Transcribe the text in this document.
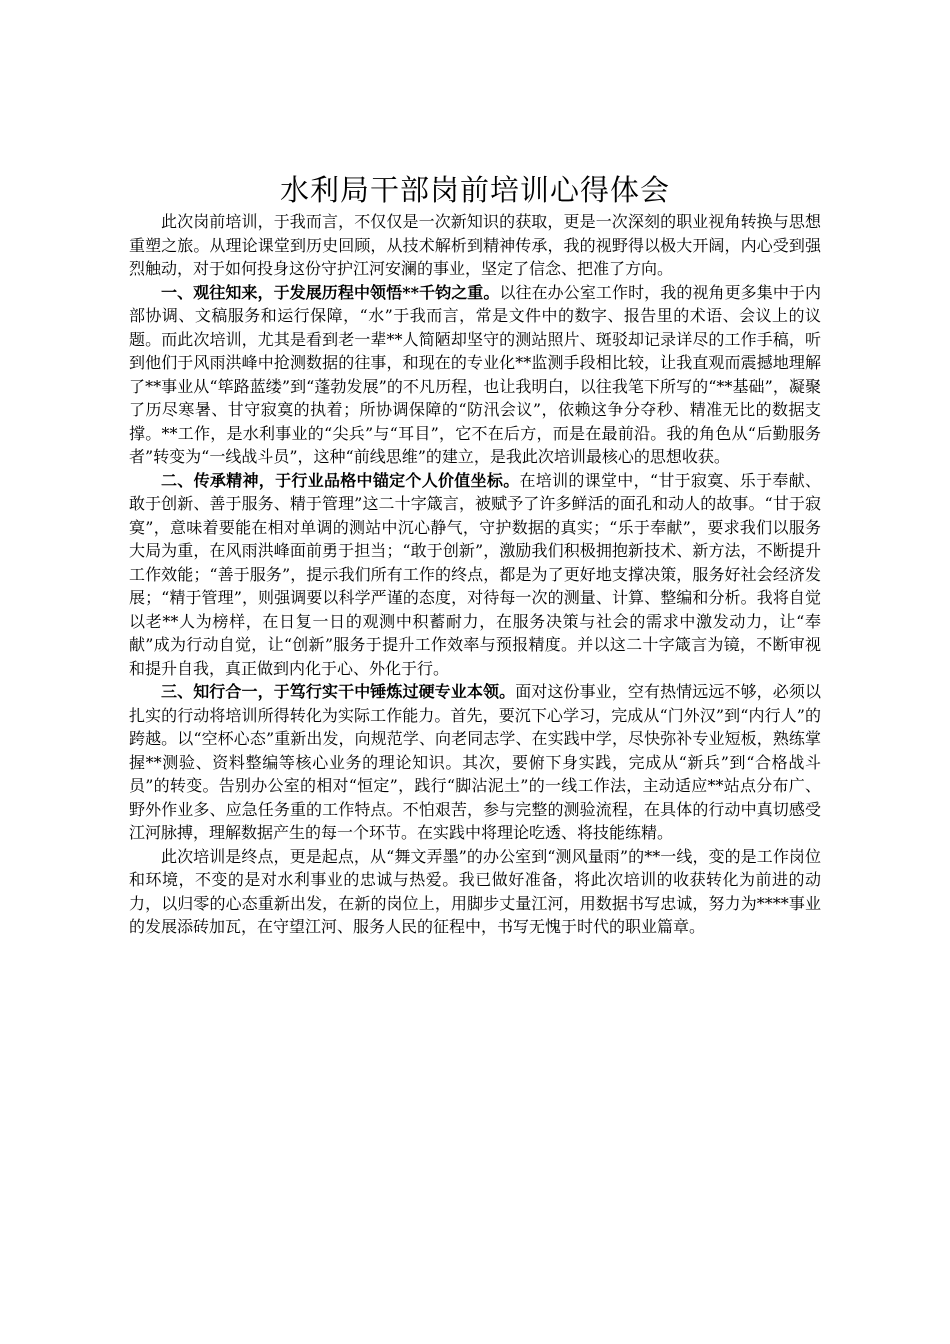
水利局干部岗前培训心得体会

此次岗前培训，于我而言，不仅仅是一次新知识的获取，更是一次深刻的职业视角转换与思想重塑之旅。从理论课堂到历史回顾，从技术解析到精神传承，我的视野得以极大开阔，内心受到强烈触动，对于如何投身这份守护江河安澜的事业，坚定了信念、把准了方向。

一、观往知来，于发展历程中领悟**千钧之重。以往在办公室工作时，我的视角更多集中于内部协调、文稿服务和运行保障，“水”于我而言，常是文件中的数字、报告里的术语、会议上的议题。而此次培训，尤其是看到老一辈**人简陋却坚守的测站照片、斑驳却记录详尽的工作手稿，听到他们于风雨洪峰中抢测数据的往事，和现在的专业化**监测手段相比较，让我直观而震撼地理解了**事业从“筚路蓝缕”到“蓬勃发展”的不凡历程，也让我明白，以往我笔下所写的“**基础”，凝聚了历尽寒暑、甘守寂寞的执着；所协调保障的“防汛会议”，依赖这争分夺秒、精准无比的数据支撑。**工作，是水利事业的“尖兵”与“耳目”，它不在后方，而是在最前沿。我的角色从“后勤服务者”转变为“一线战斗员”，这种“前线思维”的建立，是我此次培训最核心的思想收获。

二、传承精神，于行业品格中锚定个人价值坐标。在培训的课堂中，“甘于寂寞、乐于奉献、敢于创新、善于服务、精于管理”这二十字箴言，被赋予了许多鲜活的面孔和动人的故事。“甘于寂寞”，意味着要能在相对单调的测站中沉心静气，守护数据的真实；“乐于奉献”，要求我们以服务大局为重，在风雨洪峰面前勇于担当；“敢于创新”，激励我们积极拥抱新技术、新方法，不断提升工作效能；“善于服务”，提示我们所有工作的终点，都是为了更好地支撑决策，服务好社会经济发展；“精于管理”，则强调要以科学严谨的态度，对待每一次的测量、计算、整编和分析。我将自觉以老**人为榜样，在日复一日的观测中积蓄耐力，在服务决策与社会的需求中激发动力，让“奉献”成为行动自觉，让“创新”服务于提升工作效率与预报精度。并以这二十字箴言为镜，不断审视和提升自我，真正做到内化于心、外化于行。

三、知行合一，于笃行实干中锤炼过硬专业本领。面对这份事业，空有热情远远不够，必须以扎实的行动将培训所得转化为实际工作能力。首先，要沉下心学习，完成从“门外汉”到“内行人”的跨越。以“空杯心态”重新出发，向规范学、向老同志学、在实践中学，尽快弥补专业短板，熟练掌握**测验、资料整编等核心业务的理论知识。其次，要俯下身实践，完成从“新兵”到“合格战斗员”的转变。告别办公室的相对“恒定”，践行“脚沾泥土”的一线工作法，主动适应**站点分布广、野外作业多、应急任务重的工作特点。不怕艰苦，参与完整的测验流程，在具体的行动中真切感受江河脉搏，理解数据产生的每一个环节。在实践中将理论吃透、将技能练精。

此次培训是终点，更是起点，从“舞文弄墨”的办公室到“测风量雨”的**一线，变的是工作岗位和环境，不变的是对水利事业的忠诚与热爱。我已做好准备，将此次培训的收获转化为前进的动力，以归零的心态重新出发，在新的岗位上，用脚步丈量江河，用数据书写忠诚，努力为****事业的发展添砖加瓦，在守望江河、服务人民的征程中，书写无愧于时代的职业篇章。
